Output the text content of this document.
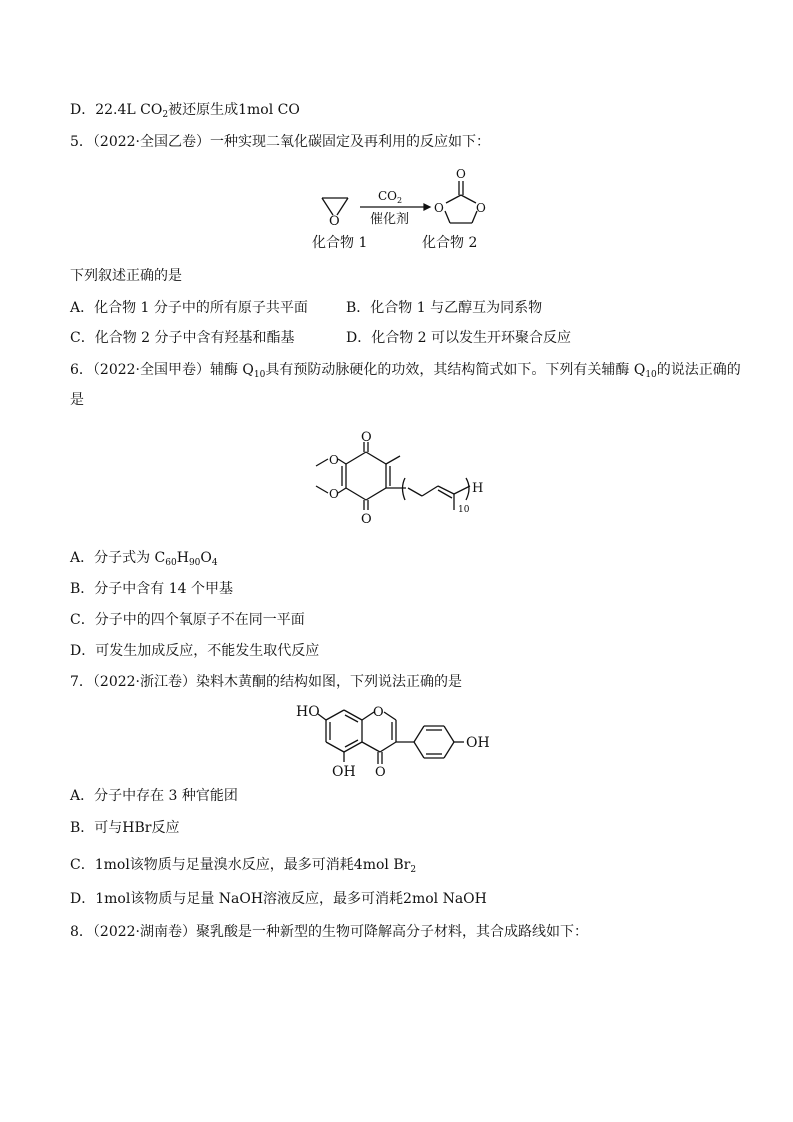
D．22.4L $CO_2$被还原生成1mol CO
5．（2022·全国乙卷）一种实现二氧化碳固定及再利用的反应如下：
O
$CO_2$
催化剂
O
O	O
化合物 1	化合物 2
下列叙述正确的是
A．化合物 1 分子中的所有原子共平面	B．化合物 1 与乙醇互为同系物
C．化合物 2 分子中含有羟基和酯基	D．化合物 2 可以发生开环聚合反应
6．（2022·全国甲卷）辅酶 $Q_{10}$具有预防动脉硬化的功效，其结构简式如下。下列有关辅酶 $Q_{10}$的说法正确的
是
O
O
O
O	H
10
A．分子式为 $C_{60}H_{90}O_4$
B．分子中含有 14 个甲基
C．分子中的四个氧原子不在同一平面
D．可发生加成反应，不能发生取代反应
7．（2022·浙江卷）染料木黄酮的结构如图，下列说法正确的是
HO	O
OH
OH O
A．分子中存在 3 种官能团
B．可与HBr反应
C．1mol该物质与足量溴水反应，最多可消耗4mol $Br_2$
D．1mol该物质与足量 NaOH溶液反应，最多可消耗2mol NaOH
8．（2022·湖南卷）聚乳酸是一种新型的生物可降解高分子材料，其合成路线如下：
